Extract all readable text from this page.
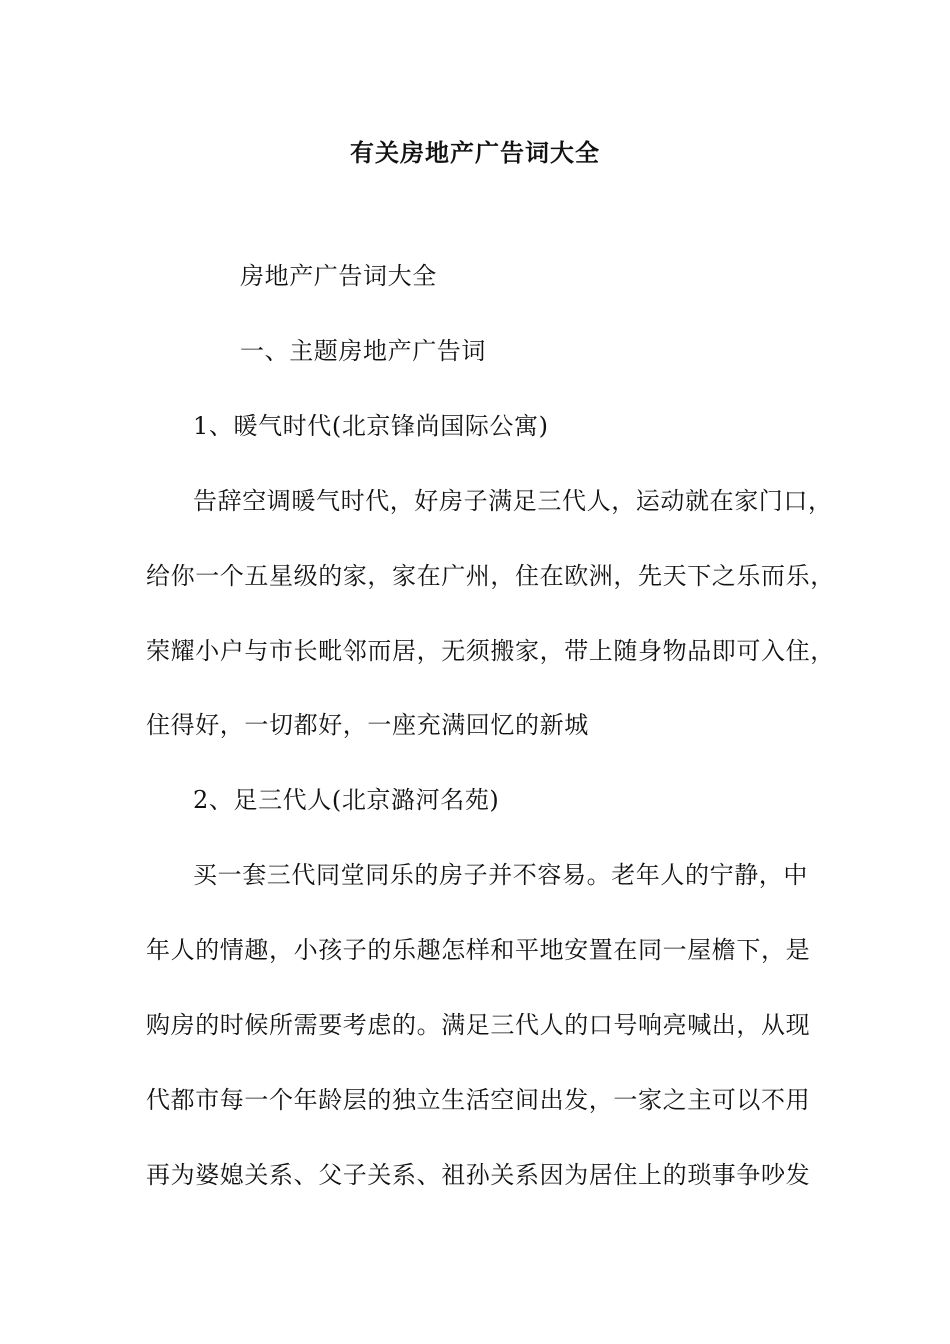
有关房地产广告词大全
房地产广告词大全
一、主题房地产广告词
1、暖气时代(北京锋尚国际公寓)
告辞空调暖气时代，好房子满足三代人，运动就在家门口，
给你一个五星级的家，家在广州，住在欧洲，先天下之乐而乐，
荣耀小户与市长毗邻而居，无须搬家，带上随身物品即可入住，
住得好，一切都好，一座充满回忆的新城
2、足三代人(北京潞河名苑)
买一套三代同堂同乐的房子并不容易。老年人的宁静，中
年人的情趣，小孩子的乐趣怎样和平地安置在同一屋檐下，是
购房的时候所需要考虑的。满足三代人的口号响亮喊出，从现
代都市每一个年龄层的独立生活空间出发，一家之主可以不用
再为婆媳关系、父子关系、祖孙关系因为居住上的琐事争吵发
